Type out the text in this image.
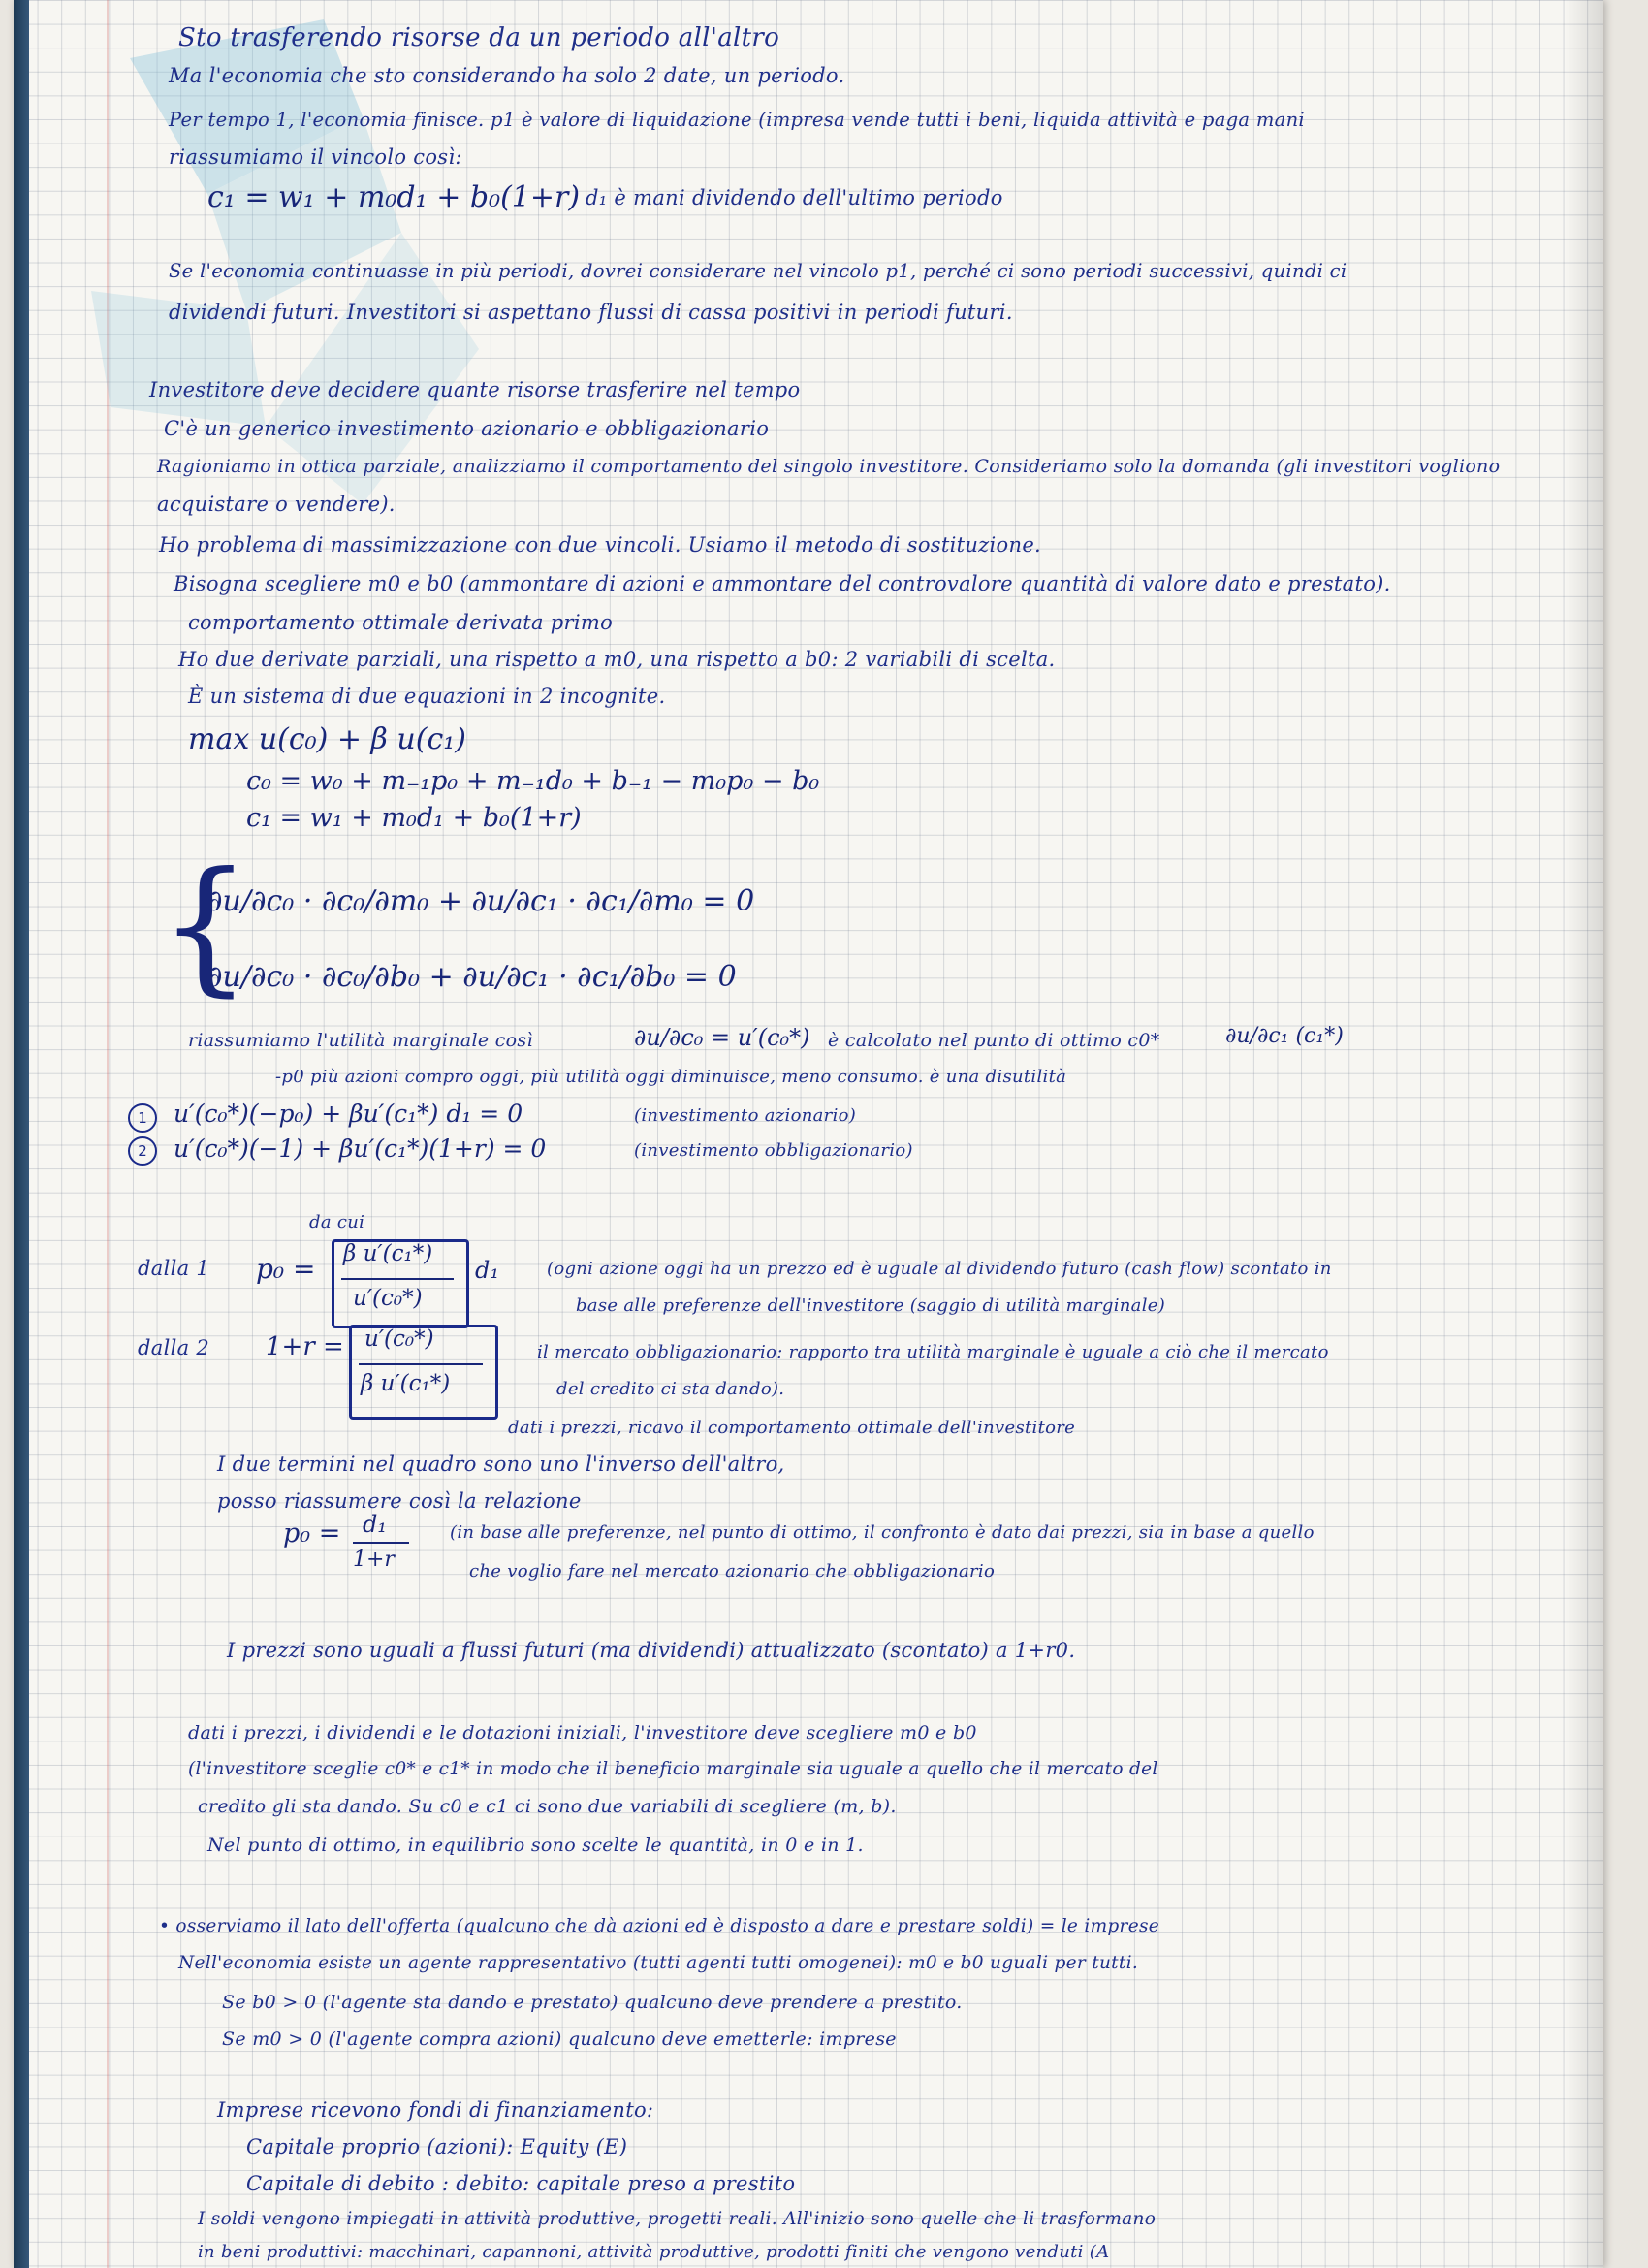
Sto trasferendo risorse da un periodo all'altro
Ma l'economia che sto considerando ha solo 2 date, un periodo.
Per tempo 1, l'economia finisce. p1 è valore di liquidazione (impresa vende tutti i beni, liquida attività e paga mani
riassumiamo il vincolo così:
c₁ = w₁ + m₀d₁ + b₀(1+r) d₁ è mani dividendo dell'ultimo periodo
Se l'economia continuasse in più periodi, dovrei considerare nel vincolo p1, perché ci sono periodi successivi, quindi ci
dividendi futuri. Investitori si aspettano flussi di cassa positivi in periodi futuri.
Investitore deve decidere quante risorse trasferire nel tempo
C'è un generico investimento azionario e obbligazionario
Ragioniamo in ottica parziale, analizziamo il comportamento del singolo investitore. Consideriamo solo la domanda (gli investitori vogliono
acquistare o vendere).
Ho problema di massimizzazione con due vincoli. Usiamo il metodo di sostituzione.
Bisogna scegliere m0 e b0 (ammontare di azioni e ammontare del controvalore quantità di valore dato e prestato).
comportamento ottimale derivata primo
Ho due derivate parziali, una rispetto a m0, una rispetto a b0: 2 variabili di scelta.
È un sistema di due equazioni in 2 incognite.
max u(c₀) + β u(c₁)
c₀ = w₀ + m₋₁p₀ + m₋₁d₀ + b₋₁ − m₀p₀ − b₀
c₁ = w₁ + m₀d₁ + b₀(1+r)
{
∂u/∂c₀ · ∂c₀/∂m₀ + ∂u/∂c₁ · ∂c₁/∂m₀ = 0
∂u/∂c₀ · ∂c₀/∂b₀ + ∂u/∂c₁ · ∂c₁/∂b₀ = 0
riassumiamo l'utilità marginale così	∂u/∂c₀ = u′(c₀*) è calcolato nel punto di ottimo c0*	∂u/∂c₁ (c₁*)
-p0 più azioni compro oggi, più utilità oggi diminuisce, meno consumo. è una disutilità
1
2
u′(c₀*)(−p₀) + βu′(c₁*) d₁ = 0	(investimento azionario)
u′(c₀*)(−1) + βu′(c₁*)(1+r) = 0	(investimento obbligazionario)
da cui
dalla 1 p₀ = β u′(c₁*)
u′(c₀*)
d₁	(ogni azione oggi ha un prezzo ed è uguale al dividendo futuro (cash flow) scontato in
base alle preferenze dell'investitore (saggio di utilità marginale)
dalla 2 1+r = u′(c₀*)
β u′(c₁*)
il mercato obbligazionario: rapporto tra utilità marginale è uguale a ciò che il mercato
del credito ci sta dando).
dati i prezzi, ricavo il comportamento ottimale dell'investitore
I due termini nel quadro sono uno l'inverso dell'altro,
posso riassumere così la relazione
p₀ = d₁
1+r
(in base alle preferenze, nel punto di ottimo, il confronto è dato dai prezzi, sia in base a quello
che voglio fare nel mercato azionario che obbligazionario
I prezzi sono uguali a flussi futuri (ma dividendi) attualizzato (scontato) a 1+r0.
dati i prezzi, i dividendi e le dotazioni iniziali, l'investitore deve scegliere m0 e b0
(l'investitore sceglie c0* e c1* in modo che il beneficio marginale sia uguale a quello che il mercato del
credito gli sta dando. Su c0 e c1 ci sono due variabili di scegliere (m, b).
Nel punto di ottimo, in equilibrio sono scelte le quantità, in 0 e in 1.
• osserviamo il lato dell'offerta (qualcuno che dà azioni ed è disposto a dare e prestare soldi) = le imprese
Nell'economia esiste un agente rappresentativo (tutti agenti tutti omogenei): m0 e b0 uguali per tutti.
Se b0 > 0 (l'agente sta dando e prestato) qualcuno deve prendere a prestito.
Se m0 > 0 (l'agente compra azioni) qualcuno deve emetterle: imprese
Imprese ricevono fondi di finanziamento:
Capitale proprio (azioni): Equity (E)
Capitale di debito : debito: capitale preso a prestito
I soldi vengono impiegati in attività produttive, progetti reali. All'inizio sono quelle che li trasformano
in beni produttivi: macchinari, capannoni, attività produttive, prodotti finiti che vengono venduti (A
